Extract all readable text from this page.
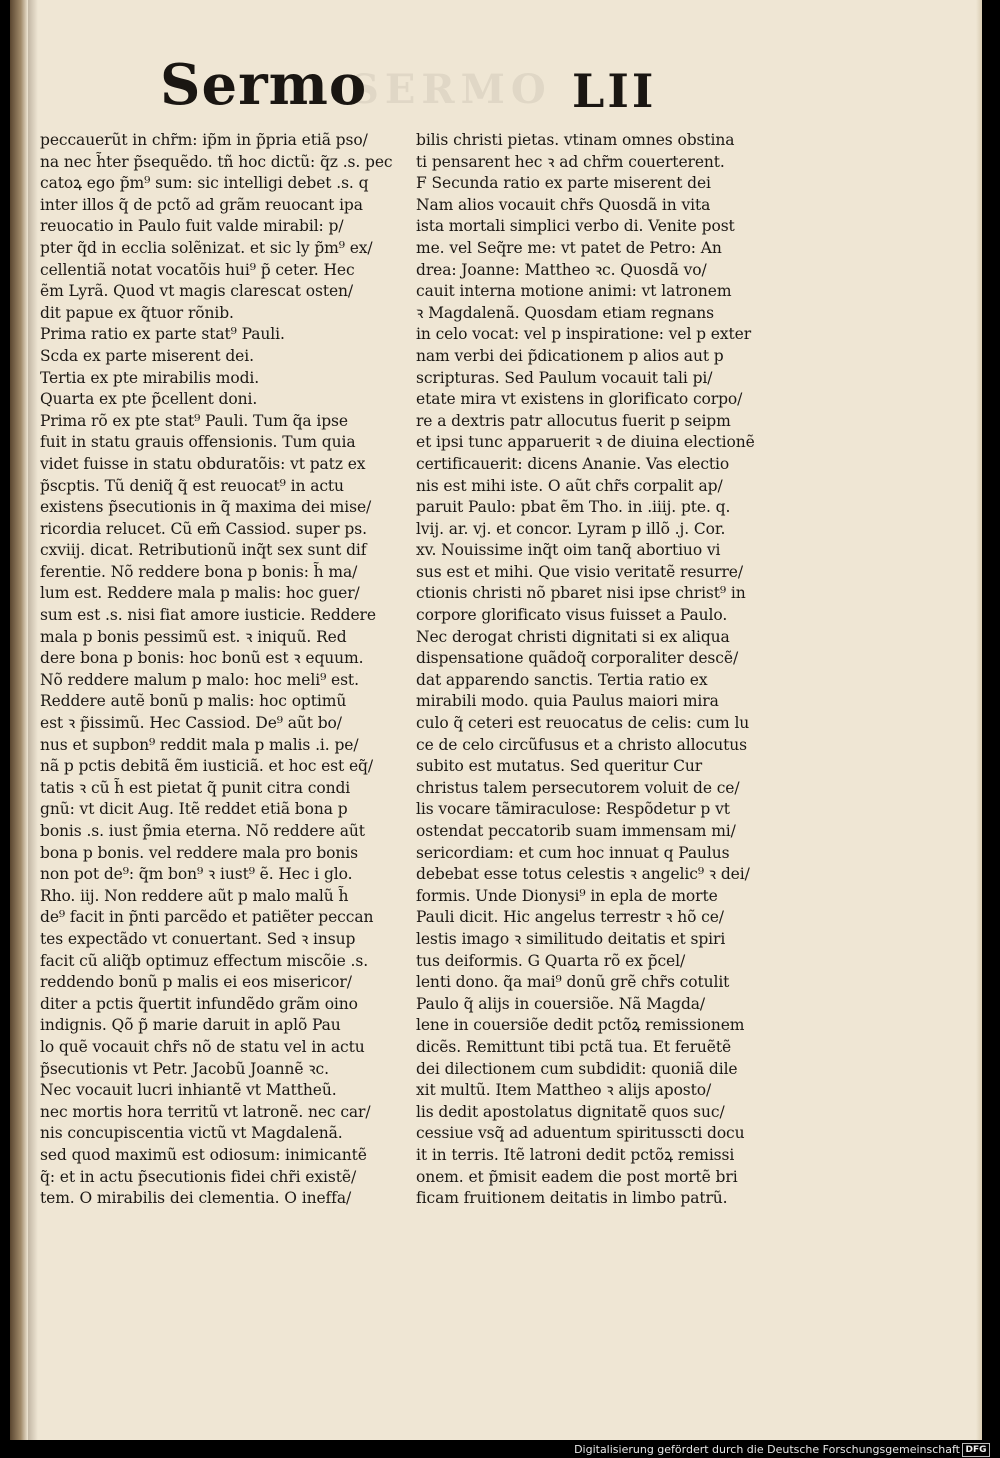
Sermo
SERMO LII
peccauerũt in chr̃m: ip̃m in p̃pria etiã pso/
na nec h̃ter p̃sequẽdo. tñ hoc dictũ: q̃z .s. pec
catoꝝ ego p̃m⁹ sum: sic intelligi debet .s. q
inter illos q̃ de pctõ ad grãm reuocant ipa
reuocatio in Paulo fuit valde mirabil: p/
pter q̃d in ecclia solẽnizat. et sic ly p̃m⁹ ex/
cellentiã notat vocatõis hui⁹ p̃ ceter. Hec
ẽm Lyrã. Quod vt magis clarescat osten/
dit papue ex q̃tuor rõnib.
Prima ratio ex parte stat⁹ Pauli.
Scda ex parte miserent dei.
Tertia ex pte mirabilis modi.
Quarta ex pte p̃cellent doni.
Prima rõ ex pte stat⁹ Pauli. Tum q̃a ipse
fuit in statu grauis offensionis. Tum quia
videt fuisse in statu obduratõis: vt patz ex
p̃scptis. Tũ deniq̃ q̃ est reuocat⁹ in actu
existens p̃secutionis in q̃ maxima dei mise/
ricordia relucet. Cũ em̃ Cassiod. super ps.
cxviij. dicat. Retributionũ inq̃t sex sunt dif
ferentie. Nõ reddere bona p bonis: h̃ ma/
lum est. Reddere mala p malis: hoc guer/
sum est .s. nisi fiat amore iusticie. Reddere
mala p bonis pessimũ est. ꝛ iniquũ. Red
dere bona p bonis: hoc bonũ est ꝛ equum.
Nõ reddere malum p malo: hoc meli⁹ est.
Reddere autẽ bonũ p malis: hoc optimũ
est ꝛ p̃issimũ. Hec Cassiod. De⁹ aũt bo/
nus et supbon⁹ reddit mala p malis .i. pe/
nã p pctis debitã ẽm iusticiã. et hoc est eq̃/
tatis ꝛ cũ h̃ est pietat q̃ punit citra condi
gnũ: vt dicit Aug. Itẽ reddet etiã bona p
bonis .s. iust p̃mia eterna. Nõ reddere aũt
bona p bonis. vel reddere mala pro bonis
non pot de⁹: q̃m bon⁹ ꝛ iust⁹ ẽ. Hec i glo.
Rho. iij. Non reddere aũt p malo malũ h̃
de⁹ facit in p̃nti parcẽdo et patiẽter peccan
tes expectãdo vt conuertant. Sed ꝛ insup
facit cũ aliq̃b optimuz effectum miscõie .s.
reddendo bonũ p malis ei eos misericor/
diter a pctis q̃uertit infundẽdo grãm oino
indignis. Qõ p̃ marie daruit in aplõ Pau
lo quẽ vocauit chr̃s nõ de statu vel in actu
p̃secutionis vt Petr. Jacobũ Joannẽ ꝛc.
Nec vocauit lucri inhiantẽ vt Mattheũ.
nec mortis hora territũ vt latronẽ. nec car/
nis concupiscentia victũ vt Magdalenã.
sed quod maximũ est odiosum: inimicantẽ
q̃: et in actu p̃secutionis fidei chr̃i existẽ/
tem. O mirabilis dei clementia. O ineffa/
bilis christi pietas. vtinam omnes obstina
ti pensarent hec ꝛ ad chr̃m couerterent.
F Secunda ratio ex parte miserent dei
Nam alios vocauit chr̃s Quosdã in vita
ista mortali simplici verbo di. Venite post
me. vel Seq̃re me: vt patet de Petro: An
drea: Joanne: Mattheo ꝛc. Quosdã vo/
cauit interna motione animi: vt latronem
ꝛ Magdalenã. Quosdam etiam regnans
in celo vocat: vel p inspiratione: vel p exter
nam verbi dei p̃dicationem p alios aut p
scripturas. Sed Paulum vocauit tali pi/
etate mira vt existens in glorificato corpo/
re a dextris patr allocutus fuerit p seipm
et ipsi tunc apparuerit ꝛ de diuina electionẽ
certificauerit: dicens Ananie. Vas electio
nis est mihi iste. O aũt chr̃s corpalit ap/
paruit Paulo: pbat ẽm Tho. in .iiij. pte. q.
lvij. ar. vj. et concor. Lyram p illõ .j. Cor.
xv. Nouissime inq̃t oim tanq̃ abortiuo vi
sus est et mihi. Que visio veritatẽ resurre/
ctionis christi nõ pbaret nisi ipse christ⁹ in
corpore glorificato visus fuisset a Paulo.
Nec derogat christi dignitati si ex aliqua
dispensatione quãdoq̃ corporaliter descẽ/
dat apparendo sanctis. Tertia ratio ex
mirabili modo. quia Paulus maiori mira
culo q̃ ceteri est reuocatus de celis: cum lu
ce de celo circũfusus et a christo allocutus
subito est mutatus. Sed queritur Cur
christus talem persecutorem voluit de ce/
lis vocare tãmiraculose: Respõdetur p vt
ostendat peccatorib suam immensam mi/
sericordiam: et cum hoc innuat q Paulus
debebat esse totus celestis ꝛ angelic⁹ ꝛ dei/
formis. Unde Dionysi⁹ in epla de morte
Pauli dicit. Hic angelus terrestr ꝛ hõ ce/
lestis imago ꝛ similitudo deitatis et spiri
tus deiformis. G Quarta rõ ex p̃cel/
lenti dono. q̃a mai⁹ donũ grẽ chr̃s cotulit
Paulo q̃ alijs in couersiõe. Nã Magda/
lene in couersiõe dedit pctõꝝ remissionem
dicẽs. Remittunt tibi pctã tua. Et feruẽtẽ
dei dilectionem cum subdidit: quoniã dile
xit multũ. Item Mattheo ꝛ alijs aposto/
lis dedit apostolatus dignitatẽ quos suc/
cessiue vsq̃ ad aduentum spiritusscti docu
it in terris. Itẽ latroni dedit pctõꝝ remissi
onem. et p̃misit eadem die post mortẽ bri
ficam fruitionem deitatis in limbo patrũ.
Digitalisierung gefördert durch die Deutsche Forschungsgemeinschaft DFG
